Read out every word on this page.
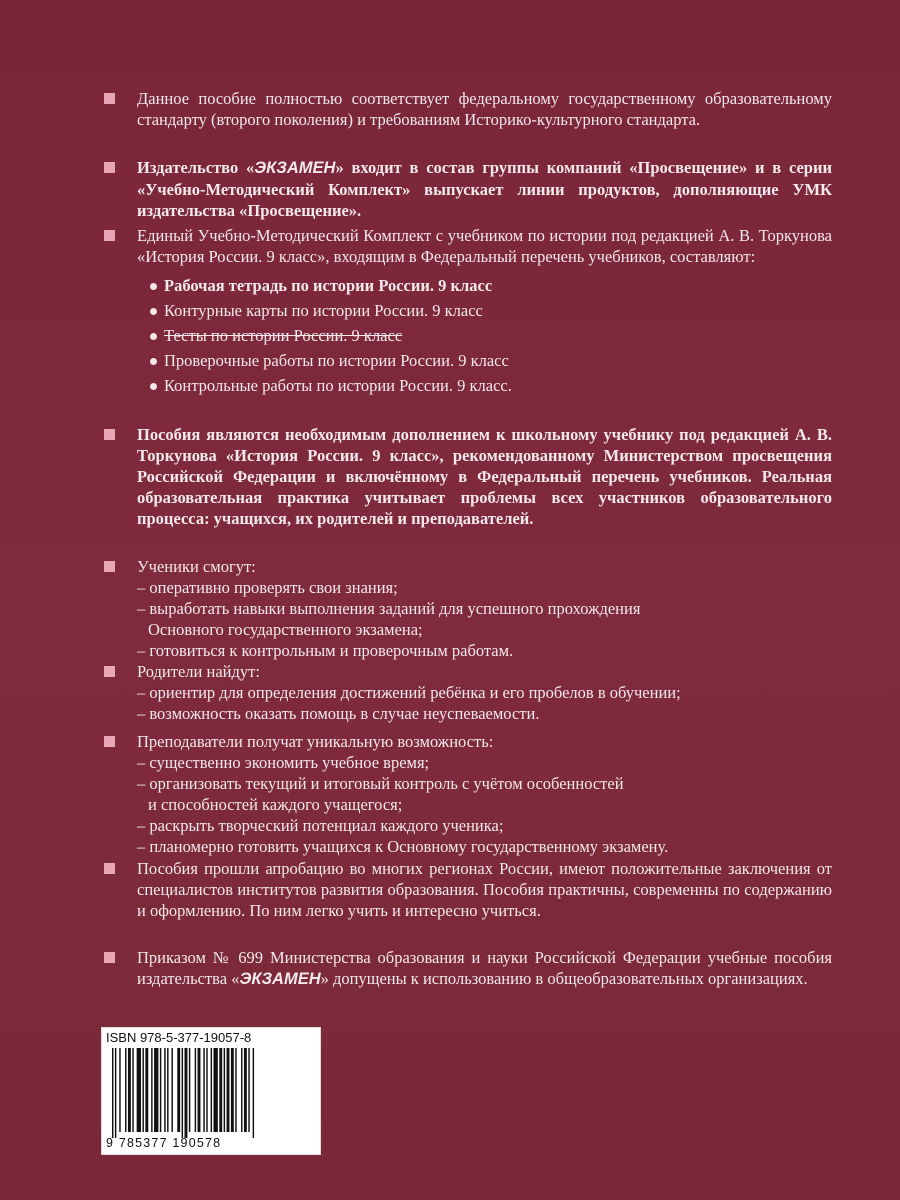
Данное пособие полностью соответствует федеральному государственному образовательному стандарту (второго поколения) и требованиям Историко-культурного стандарта.
Издательство «ЭКЗАМЕН» входит в состав группы компаний «Просвещение» и в серии «Учебно-Методический Комплект» выпускает линии продуктов, дополняющие УМК издательства «Просвещение».
Единый Учебно-Методический Комплект с учебником по истории под редакцией А. В. Торкунова «История России. 9 класс», входящим в Федеральный перечень учебников, составляют:
Рабочая тетрадь по истории России. 9 класс
Контурные карты по истории России. 9 класс
Тесты по истории России. 9 класс
Проверочные работы по истории России. 9 класс
Контрольные работы по истории России. 9 класс.
Пособия являются необходимым дополнением к школьному учебнику под редакцией А. В. Торкунова «История России. 9 класс», рекомендованному Министерством просвещения Российской Федерации и включённому в Федеральный перечень учебников. Реальная образовательная практика учитывает проблемы всех участников образовательного процесса: учащихся, их родителей и преподавателей.
Ученики смогут:
– оперативно проверять свои знания;
– выработать навыки выполнения заданий для успешного прохождения
Основного государственного экзамена;
– готовиться к контрольным и проверочным работам.
Родители найдут:
– ориентир для определения достижений ребёнка и его пробелов в обучении;
– возможность оказать помощь в случае неуспеваемости.
Преподаватели получат уникальную возможность:
– существенно экономить учебное время;
– организовать текущий и итоговый контроль с учётом особенностей
и способностей каждого учащегося;
– раскрыть творческий потенциал каждого ученика;
– планомерно готовить учащихся к Основному государственному экзамену.
Пособия прошли апробацию во многих регионах России, имеют положительные заключения от специалистов институтов развития образования. Пособия практичны, современны по содержанию и оформлению. По ним легко учить и интересно учиться.
Приказом № 699 Министерства образования и науки Российской Федерации учебные пособия издательства «ЭКЗАМЕН» допущены к использованию в общеобразовательных организациях.
ISBN 978-5-377-19057-8
9 785377 190578
